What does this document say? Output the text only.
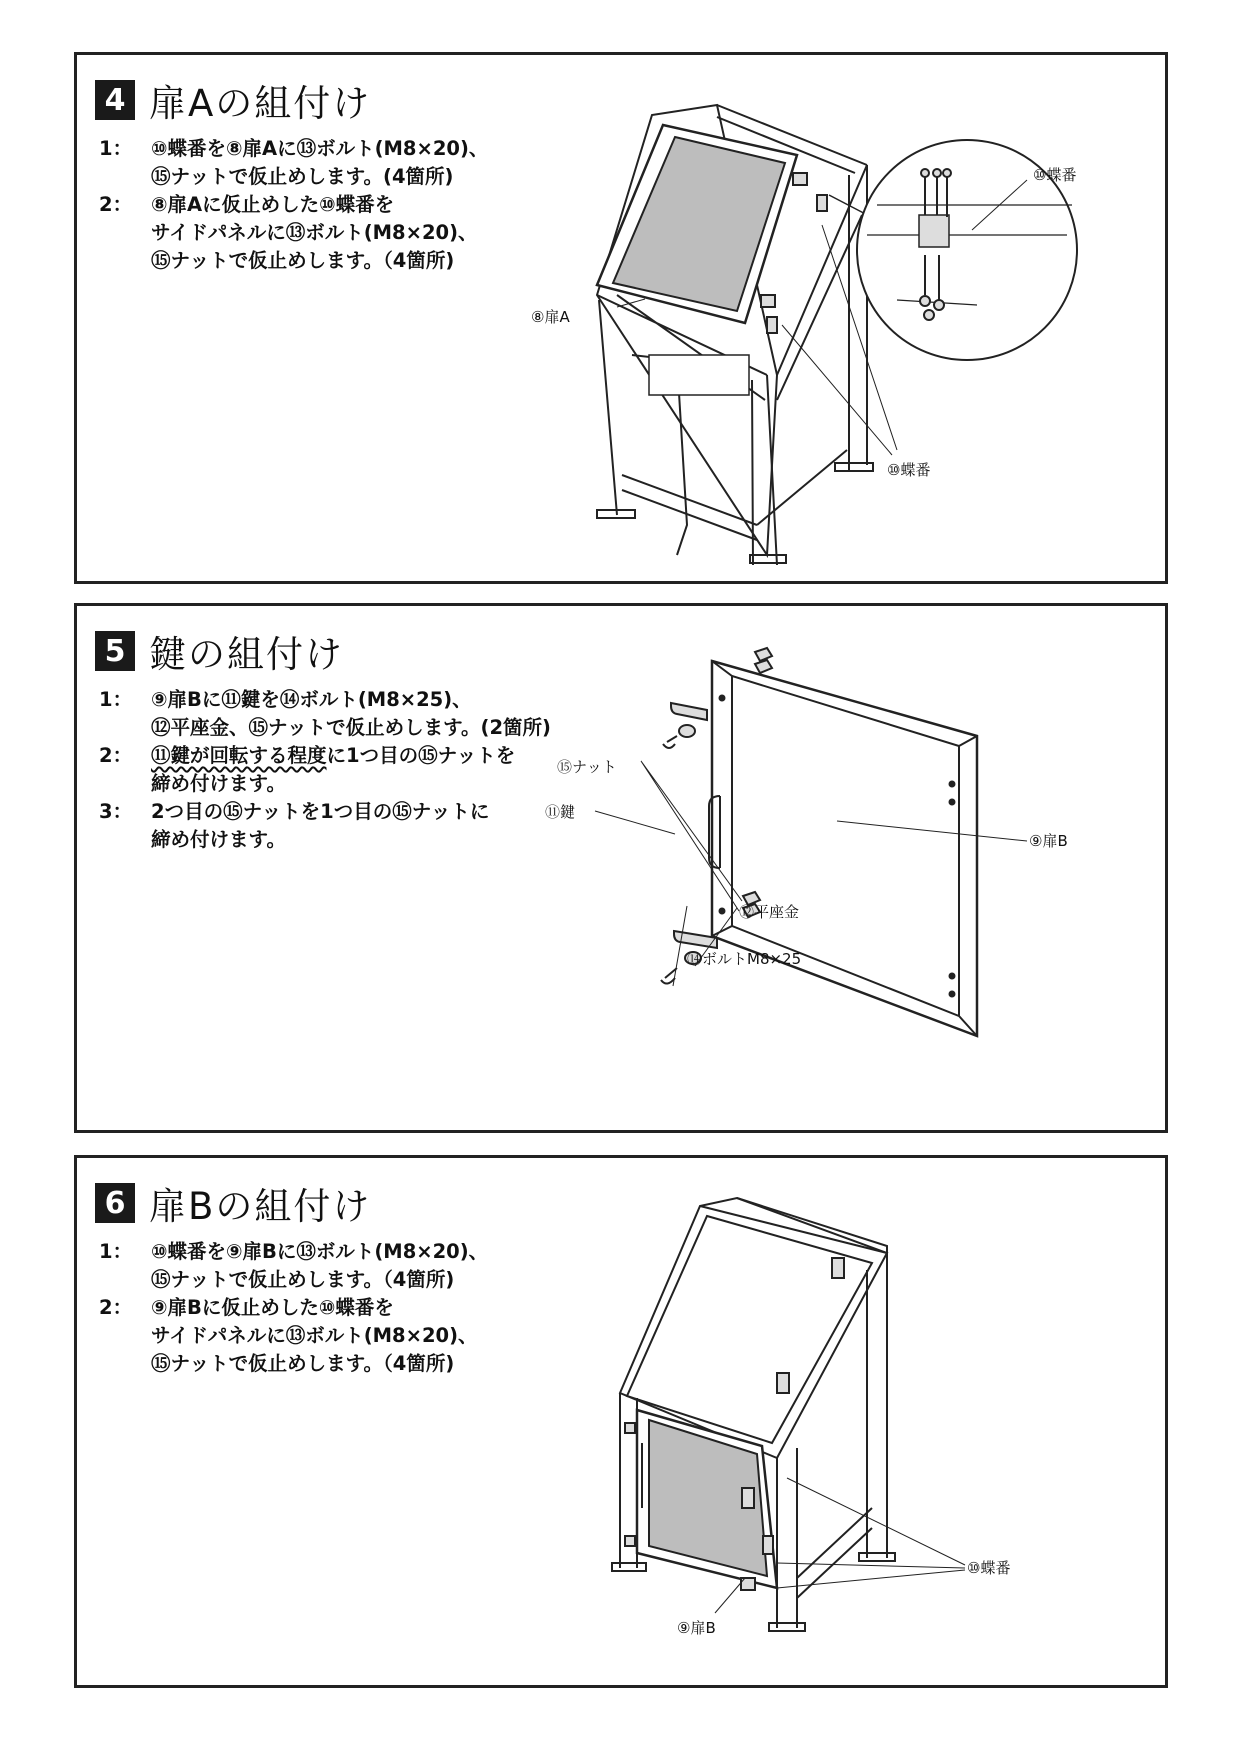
4 扉Aの組付け
1： ⑩蝶番を⑧扉Aに⑬ボルト(M8×20)、
⑮ナットで仮止めします。(4箇所)
2： ⑧扉Aに仮止めした⑩蝶番を
サイドパネルに⑬ボルト(M8×20)、
⑮ナットで仮止めします。（4箇所)
⑧扉A
⑩蝶番
⑩蝶番
5 鍵の組付け
1： ⑨扉Bに⑪鍵を⑭ボルト(M8×25)、
⑫平座金、⑮ナットで仮止めします。(2箇所)
2： ⑪鍵が回転する程度に1つ目の⑮ナットを
締め付けます。
3： 2つ目の⑮ナットを1つ目の⑮ナットに
締め付けます。
⑮ナット
⑪鍵
⑨扉B
⑫平座金
⑭ボルトM8×25
6 扉Bの組付け
1： ⑩蝶番を⑨扉Bに⑬ボルト(M8×20)、
⑮ナットで仮止めします。（4箇所)
2： ⑨扉Bに仮止めした⑩蝶番を
サイドパネルに⑬ボルト(M8×20)、
⑮ナットで仮止めします。（4箇所)
⑩蝶番
⑨扉B
